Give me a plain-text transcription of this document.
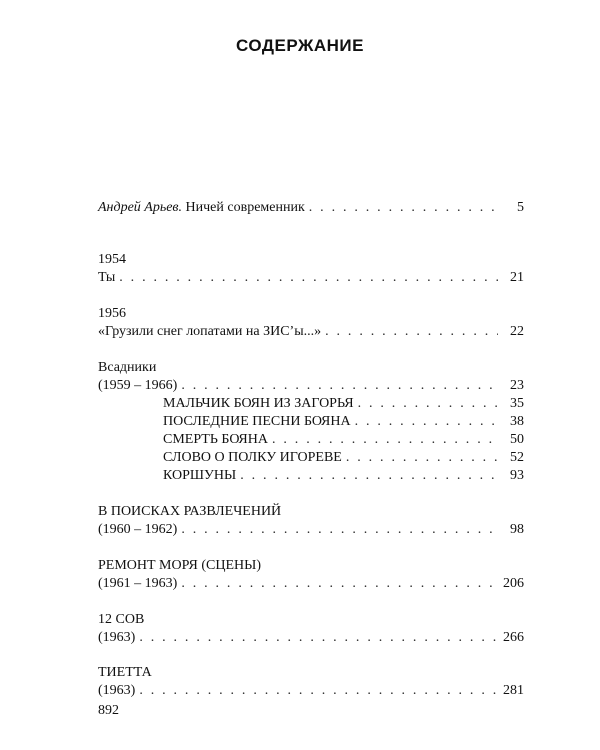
СОДЕРЖАНИЕ
Андрей Арьев. Ничей современник . . .	5
1954
Ты . . .	21
1956
«Грузили снег лопатами на ЗИС’ы...» . . .	22
Всадники
(1959 – 1966) . . .	23
МАЛЬЧИК БОЯН ИЗ ЗАГОРЬЯ . . .	35
ПОСЛЕДНИЕ ПЕСНИ БОЯНА . . .	38
СМЕРТЬ БОЯНА . . .	50
СЛОВО О ПОЛКУ ИГОРЕВЕ . . .	52
КОРШУНЫ . . .	93
В ПОИСКАХ РАЗВЛЕЧЕНИЙ
(1960 – 1962) . . .	98
РЕМОНТ МОРЯ (СЦЕНЫ)
(1961 – 1963) . . .	206
12 СОВ
(1963) . . .	266
ТИЕТТА
(1963) . . .	281
892
